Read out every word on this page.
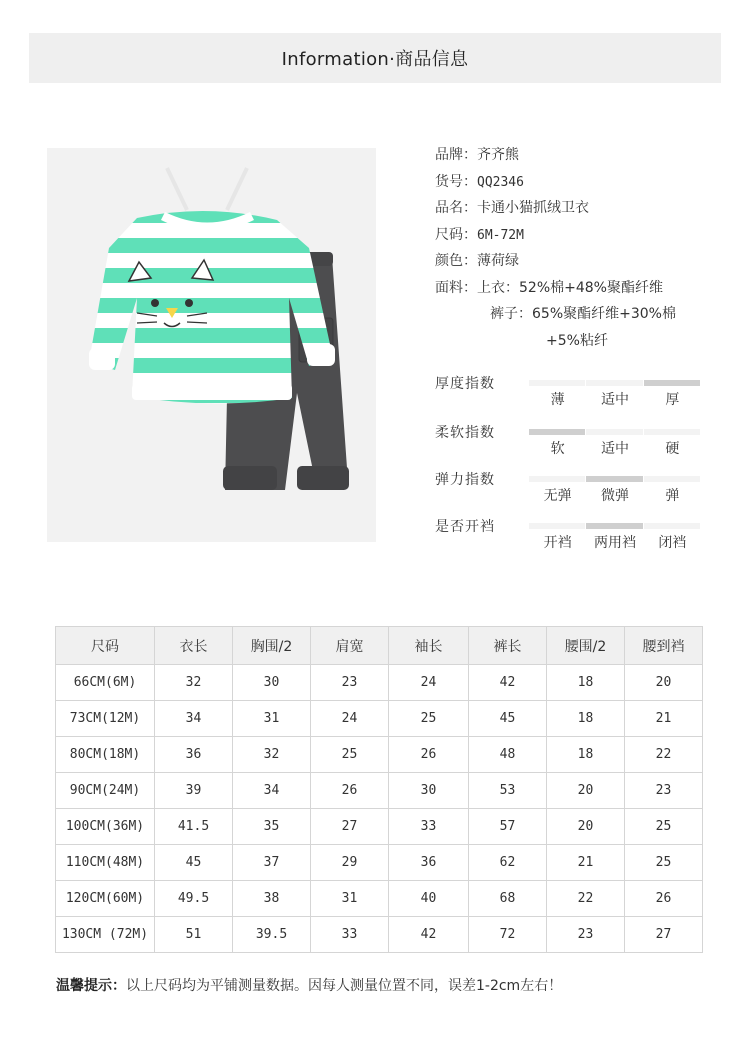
Information·商品信息
品牌：齐齐熊
货号：QQ2346
品名：卡通小猫抓绒卫衣
尺码：6M-72M
颜色：薄荷绿
面料：上衣：52%棉+48%聚酯纤维
裤子：65%聚酯纤维+30%棉
+5%粘纤
厚度指数
薄	适中	厚
柔软指数
软	适中	硬
弹力指数
无弹	微弹	弹
是否开裆
开裆	两用裆	闭裆
尺码	衣长	胸围/2	肩宽	袖长	裤长	腰围/2	腰到裆
66CM(6M)	32	30	23	24	42	18	20
73CM(12M)	34	31	24	25	45	18	21
80CM(18M)	36	32	25	26	48	18	22
90CM(24M)	39	34	26	30	53	20	23
100CM(36M)	41.5	35	27	33	57	20	25
110CM(48M)	45	37	29	36	62	21	25
120CM(60M)	49.5	38	31	40	68	22	26
130CM (72M)	51	39.5	33	42	72	23	27
温馨提示：以上尺码均为平铺测量数据。因每人测量位置不同，误差1-2cm左右！
